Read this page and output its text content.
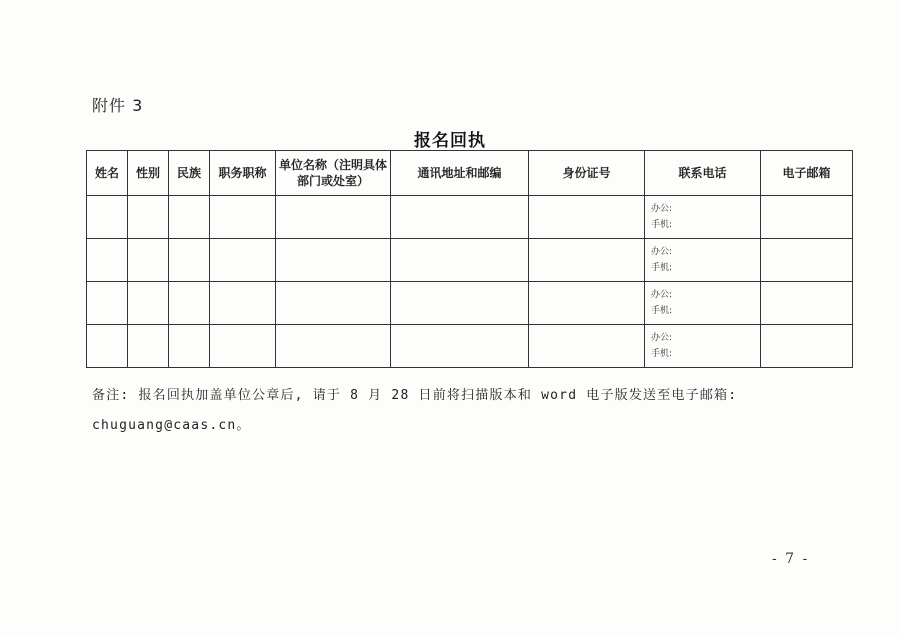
附件 3
报名回执
姓名	性别	民族	职务职称	单位名称（注明具体部门或处室）	通讯地址和邮编	身份证号	联系电话	电子邮箱

							办公:
手机:	

							办公:
手机:	

							办公:
手机:	

							办公:
手机:	

备注: 报名回执加盖单位公章后, 请于 8 月 28 日前将扫描版本和 word 电子版发送至电子邮箱:
chuguang@caas.cn。
- 7 -
